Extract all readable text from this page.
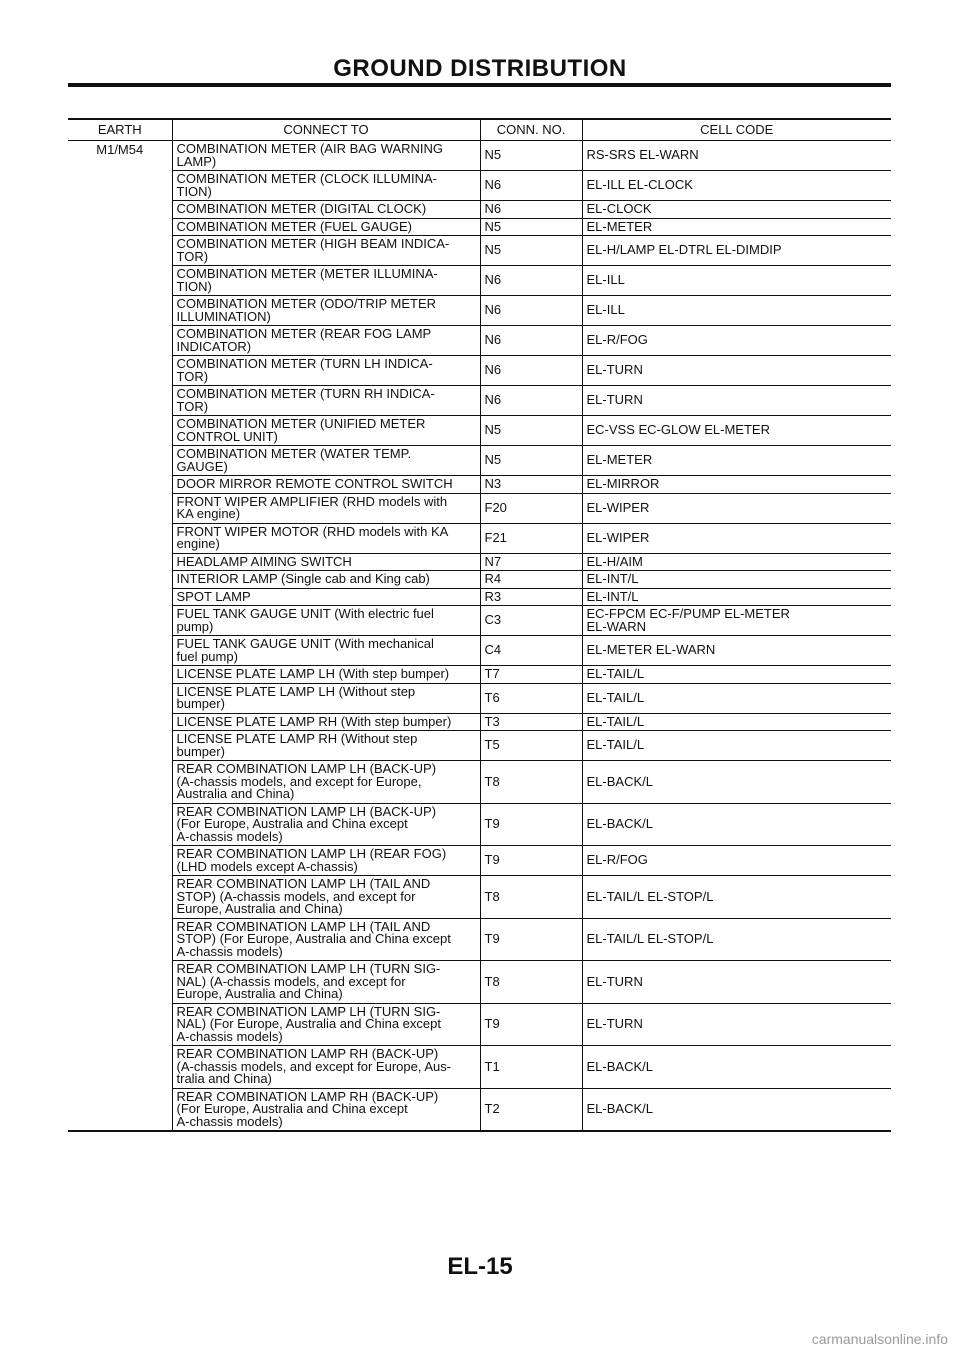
GROUND DISTRIBUTION
EARTH	CONNECT TO	CONN. NO.	CELL CODE
M1/M54	COMBINATION METER (AIR BAG WARNING
LAMP)	N5	RS-SRS EL-WARN
	COMBINATION METER (CLOCK ILLUMINA-
TION)	N6	EL-ILL EL-CLOCK
	COMBINATION METER (DIGITAL CLOCK)	N6	EL-CLOCK
	COMBINATION METER (FUEL GAUGE)	N5	EL-METER
	COMBINATION METER (HIGH BEAM INDICA-
TOR)	N5	EL-H/LAMP EL-DTRL EL-DIMDIP
	COMBINATION METER (METER ILLUMINA-
TION)	N6	EL-ILL
	COMBINATION METER (ODO/TRIP METER
ILLUMINATION)	N6	EL-ILL
	COMBINATION METER (REAR FOG LAMP
INDICATOR)	N6	EL-R/FOG
	COMBINATION METER (TURN LH INDICA-
TOR)	N6	EL-TURN
	COMBINATION METER (TURN RH INDICA-
TOR)	N6	EL-TURN
	COMBINATION METER (UNIFIED METER
CONTROL UNIT)	N5	EC-VSS EC-GLOW EL-METER
	COMBINATION METER (WATER TEMP.
GAUGE)	N5	EL-METER
	DOOR MIRROR REMOTE CONTROL SWITCH	N3	EL-MIRROR
	FRONT WIPER AMPLIFIER (RHD models with
KA engine)	F20	EL-WIPER
	FRONT WIPER MOTOR (RHD models with KA
engine)	F21	EL-WIPER
	HEADLAMP AIMING SWITCH	N7	EL-H/AIM
	INTERIOR LAMP (Single cab and King cab)	R4	EL-INT/L
	SPOT LAMP	R3	EL-INT/L
	FUEL TANK GAUGE UNIT (With electric fuel
pump)	C3	EC-FPCM EC-F/PUMP EL-METER
EL-WARN
	FUEL TANK GAUGE UNIT (With mechanical
fuel pump)	C4	EL-METER EL-WARN
	LICENSE PLATE LAMP LH (With step bumper)	T7	EL-TAIL/L
	LICENSE PLATE LAMP LH (Without step
bumper)	T6	EL-TAIL/L
	LICENSE PLATE LAMP RH (With step bumper)	T3	EL-TAIL/L
	LICENSE PLATE LAMP RH (Without step
bumper)	T5	EL-TAIL/L
	REAR COMBINATION LAMP LH (BACK-UP)
(A-chassis models, and except for Europe,
Australia and China)	T8	EL-BACK/L
	REAR COMBINATION LAMP LH (BACK-UP)
(For Europe, Australia and China except
A-chassis models)	T9	EL-BACK/L
	REAR COMBINATION LAMP LH (REAR FOG)
(LHD models except A-chassis)	T9	EL-R/FOG
	REAR COMBINATION LAMP LH (TAIL AND
STOP) (A-chassis models, and except for
Europe, Australia and China)	T8	EL-TAIL/L EL-STOP/L
	REAR COMBINATION LAMP LH (TAIL AND
STOP) (For Europe, Australia and China except
A-chassis models)	T9	EL-TAIL/L EL-STOP/L
	REAR COMBINATION LAMP LH (TURN SIG-
NAL) (A-chassis models, and except for
Europe, Australia and China)	T8	EL-TURN
	REAR COMBINATION LAMP LH (TURN SIG-
NAL) (For Europe, Australia and China except
A-chassis models)	T9	EL-TURN
	REAR COMBINATION LAMP RH (BACK-UP)
(A-chassis models, and except for Europe, Aus-
tralia and China)	T1	EL-BACK/L
	REAR COMBINATION LAMP RH (BACK-UP)
(For Europe, Australia and China except
A-chassis models)	T2	EL-BACK/L
EL-15
carmanualsonline.info
